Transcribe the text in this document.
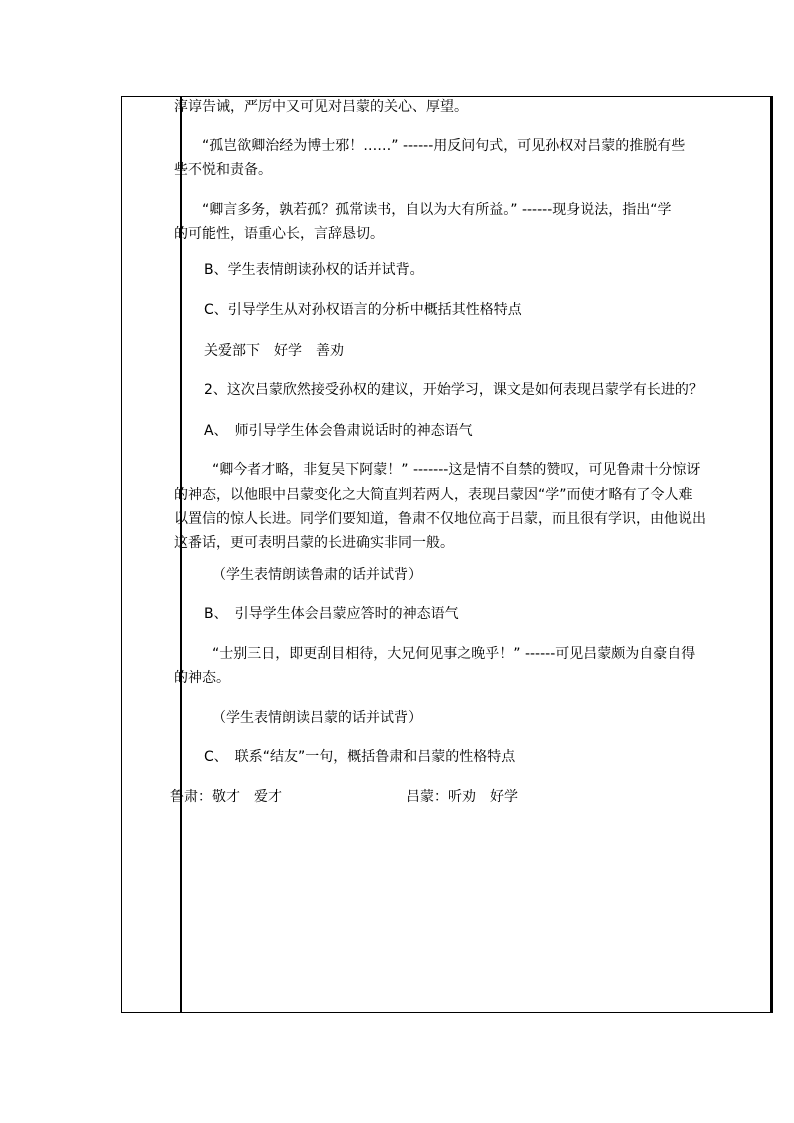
淳谆告诫，严厉中又可见对吕蒙的关心、厚望。
“孤岂欲卿治经为博士邪！……” ------用反问句式，可见孙权对吕蒙的推脱有些
些不悦和责备。
“卿言多务，孰若孤？孤常读书，自以为大有所益。” ------现身说法，指出“学
的可能性，语重心长，言辞恳切。
B、学生表情朗读孙权的话并试背。
C、引导学生从对孙权语言的分析中概括其性格特点
关爱部下　好学　善劝
2、这次吕蒙欣然接受孙权的建议，开始学习，课文是如何表现吕蒙学有长进的？
A、　师引导学生体会鲁肃说话时的神态语气
“卿今者才略，非复吴下阿蒙！” -------这是情不自禁的赞叹，可见鲁肃十分惊讶
的神态，以他眼中吕蒙变化之大简直判若两人，表现吕蒙因“学”而使才略有了令人难
以置信的惊人长进。同学们要知道，鲁肃不仅地位高于吕蒙，而且很有学识，由他说出
这番话，更可表明吕蒙的长进确实非同一般。
（学生表情朗读鲁肃的话并试背）
B、　引导学生体会吕蒙应答时的神态语气
“士别三日，即更刮目相待，大兄何见事之晚乎！” ------可见吕蒙颇为自豪自得
的神态。
（学生表情朗读吕蒙的话并试背）
C、　联系“结友”一句，概括鲁肃和吕蒙的性格特点
鲁肃：敬才　爱才	吕蒙：听劝　好学
